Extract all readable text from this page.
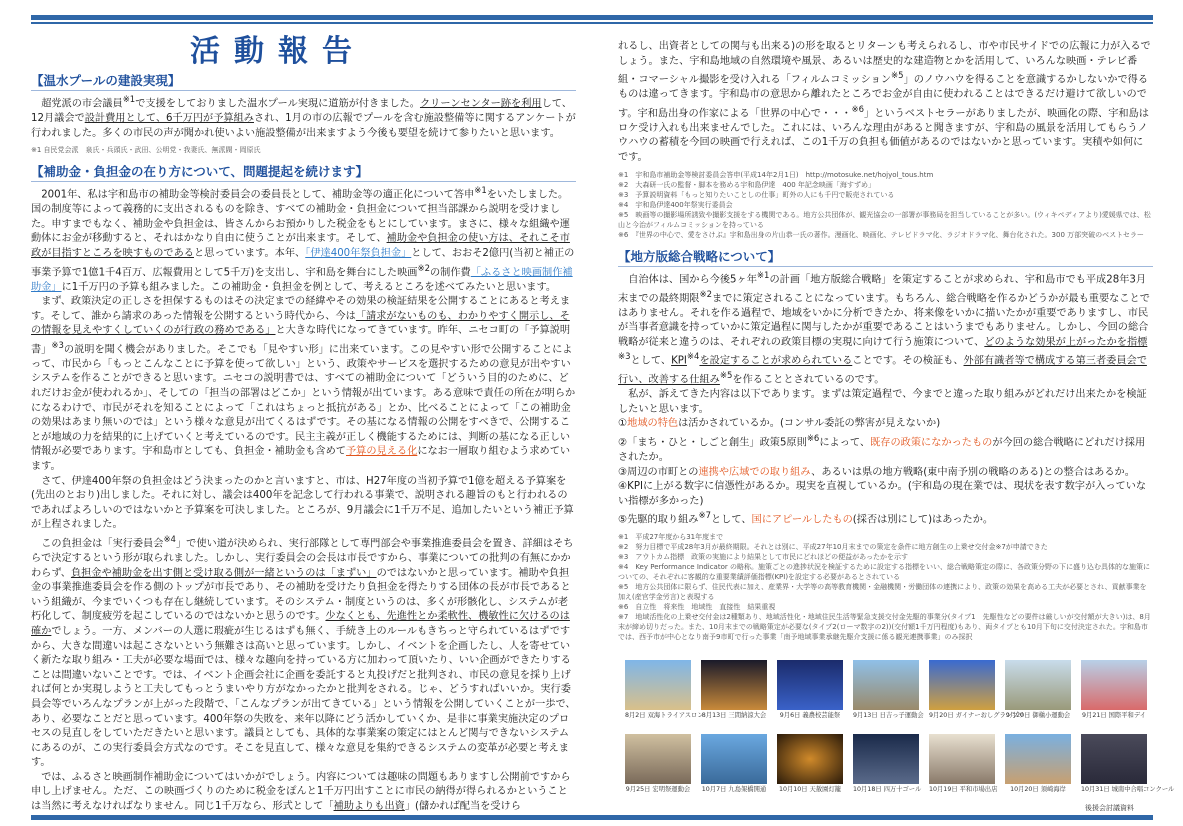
活動報告
【温水プールの建設実現】

超党派の市会議員$^{※1}$で支援をしておりました温水プール実現に道筋が付きました。クリーンセンター跡を利用して、12月議会で設計費用として、6千万円が予算組みされ、1月の市の広報でプールを含む施設整備等に関するアンケートが行われました。多くの市民の声が聞かれ使いよい施設整備が出来ますよう今後も要望を続けて参りたいと思います。

※1 自民党会派　泉氏・兵頭氏・武田、公明党・我妻氏、無派閥・岡原氏

【補助金・負担金の在り方について、問題提起を続けます】

2001年、私は宇和島市の補助金等検討委員会の委員長として、補助金等の適正化について答申$^{※1}$をいたしました。国の制度等によって義務的に支出されるものを除き、すべての補助金・負担金について担当部課から説明を受けました。申すまでもなく、補助金や負担金は、皆さんからお預かりした税金をもとにしています。まさに、様々な組織や運動体にお金が移動すると、それはかなり自由に使うことが出来ます。そして、補助金や負担金の使い方は、それこそ市政が目指すところを映すものであると思っています。本年、「伊達400年祭負担金」として、おおそ2億円(当初と補正の事業予算で1億1千4百万、広報費用として5千万)を支出し、宇和島を舞台にした映画$^{※2}$の制作費「ふるさと映画制作補助金」に1千万円の予算も組みました。この補助金・負担金を例として、考えるところを述べてみたいと思います。

まず、政策決定の正しさを担保するものはその決定までの経緯やその効果の検証結果を公開することにあると考えます。そして、誰から請求のあった情報を公開するという時代から、今は「請求がないものも、わかりやすく開示し、その情報を見えやすくしていくのが行政の務めである」と大きな時代になってきています。昨年、ニセコ町の「予算説明書」$^{※3}$の説明を聞く機会がありました。そこでも「見やすい形」に出来ています。この見やすい形で公開することによって、市民から「もっとこんなことに予算を使って欲しい」という、政策やサービスを選択するための意見が出やすいシステムを作ることができると思います。ニセコの説明書では、すべての補助金について「どういう目的のために、どれだけお金が使われるか」、そしての「担当の部署はどこか」という情報が出ています。ある意味で責任の所在が明らかになるわけで、市民がそれを知ることによって「これはちょっと抵抗がある」とか、比べることによって「この補助金の効果はあまり無いのでは」という様々な意見が出てくるはずです。その基になる情報の公開をすべきで、公開することが地域の力を結果的に上げていくと考えているのです。民主主義が正しく機能するためには、判断の基になる正しい情報が必要であります。宇和島市としても、負担金・補助金も含めて予算の見える化になお一層取り組むよう求めています。

さて、伊達400年祭の負担金はどう決まったのかと言いますと、市は、H27年度の当初予算で1億を超える予算案を(先出のとおり)出しました。それに対し、議会は400年を記念して行われる事業で、説明される趣旨のもと行われるのであればよろしいのではないかと予算案を可決しました。ところが、9月議会に1千万不足、追加したいという補正予算が上程されました。

この負担金は「実行委員会$^{※4}$」で使い道が決められ、実行部隊として専門部会や事業推進委員会を置き、詳細はそちらで決定するという形が取られました。しかし、実行委員会の会長は市長ですから、事業についての批判の有無にかかわらず、負担金や補助金を出す側と受け取る側が一緒というのは「まずい」のではないかと思っています。補助や負担金の事業推進委員会を作る側のトップが市長であり、その補助を受けたり負担金を得たりする団体の長が市長であるという組織が、今までいくつも存在し継続しています。そのシステム・制度というのは、多くが形骸化し、システムが老朽化して、制度疲労を起こしているのではないかと思うのです。少なくとも、先進性とか柔軟性、機敏性に欠けるのは確かでしょう。一方、メンバーの人選に瑕疵が生じるはずも無く、手続き上のルールもきちっと守られているはずですから、大きな間違いは起こさないという無難さは高いと思っています。しかし、イベントを企画したし、人を寄せていく新たな取り組み・工夫が必要な場面では、様々な趣向を持っている方に加わって頂いたり、いい企画ができたりすることは間違いないことです。では、イベント企画会社に企画を委託すると丸投げだと批判され、市民の意見を採り上げれば何とか実現しようと工夫してもっとうまいやり方がなかったかと批判をされる。じゃ、どうすればいいか。実行委員会等でいろんなプランが上がった段階で、「こんなプランが出てきている」という情報を公開していくことが一歩で、あり、必要なことだと思っています。400年祭の失敗を、来年以降にどう活かしていくか、是非に事業実施決定のプロセスの見直しをしていただきたいと思います。議員としても、具体的な事業案の策定にはとんど関与できないシステムにあるのが、この実行委員会方式なのです。そこを見直して、様々な意見を集約できるシステムの変革が必要と考えます。

では、ふるさと映画制作補助金についてはいかがでしょう。内容については趣味の問題もありますし公開前ですから申し上げません。ただ、この映画づくりのために税金をぽんと1千万円出すことに市民の納得が得られるかということは当然に考えなければなりません。同じ1千万なら、形式として「補助よりも出資」(儲かれば配当を受けら

れるし、出資者としての関与も出来る)の形を取るとリターンも考えられるし、市や市民サイドでの広報に力が入るでしょう。また、宇和島地域の自然環境や風景、あるいは歴史的な建造物とかを活用して、いろんな映画・テレビ番組・コマーシャル撮影を受け入れる「フィルムコミッション$^{※5}$」のノウハウを得ることを意識するかしないかで得るものは違ってきます。宇和島市の意思から離れたところでお金が自由に使われることはできるだけ避けて欲しいのです。宇和島出身の作家による「世界の中心で・・・$^{※6}$」というベストセラーがありましたが、映画化の際、宇和島はロケ受け入れも出来ませんでした。これには、いろんな理由があると聞きますが、宇和島の風景を活用してもらうノウハウの蓄積を今回の映画で行えれば、この1千万の負担も価値があるのではないかと思っています。実積や如何にです。

※1　宇和島市補助金等検討委員会答申(平成14年2月1日)　http://motosuke.net/hojyol_tous.htm

※2　大森研一氏の監督・脚本を務める宇和島伊達　400 年記念映画「海すずめ」

※3　予算説明資料「もっと知りたいことしの仕事」町外の人にも千円で販売されている

※4　宇和島伊達400年祭実行委員会

※5　映画等の撮影場所誘致や撮影支援をする機関である。地方公共団体が、観光協会の一部署が事務局を担当していることが多い。(ウィキペディアより)愛媛県では、松山と今治がフィルムコミッションを持っている

※6　『世界の中心で、愛をさけぶ』宇和島出身の片山恭一氏の著作。漫画化、映画化、テレビドラマ化、ラジオドラマ化、舞台化された。300 万部突破のベストセラー

【地方版総合戦略について】

自治体は、国から今後5ヶ年$^{※1}$の計画「地方版総合戦略」を策定することが求められ、宇和島市でも平成28年3月末までの最終期限$^{※2}$までに策定されることになっています。もちろん、総合戦略を作るかどうかが最も重要なことではありません。それを作る過程で、地域をいかに分析できたか、将来像をいかに描いたかが重要でありますし、市民が当事者意識を持っていかに策定過程に関与したかが重要であることはいうまでもありません。しかし、今回の総合戦略が従来と違うのは、それぞれの政策目標の実現に向けて行う施策について、どのような効果が上がったかを指標$^{※3}$として、KPI$^{※4}$を設定することが求められていることです。その検証も、外部有識者等で構成する第三者委員会で行い、改善する仕組み$^{※5}$を作ることとされているのです。

私が、訴えてきた内容は以下であります。まずは策定過程で、今までと違った取り組みがどれだけ出来たかを検証したいと思います。

①地域の特色は活かされているか。(コンサル委託の弊害が見えないか)

②「まち・ひと・しごと創生」政策5原則$^{※6}$によって、既存の政策になかったものが今回の総合戦略にどれだけ採用されたか。

③周辺の市町との連携や広域での取り組み、あるいは県の地方戦略(東中南予別の戦略のある)との整合はあるか。

④KPIに上がる数字に信憑性があるか。現実を直視しているか。(宇和島の現在業では、現状を表す数字が入っていない指標が多かった)

⑤先駆的取り組み$^{※7}$として、国にアピールしたもの(採否は別にして)はあったか。

※1　平成27年度から31年度まで

※2　努力目標で平成28年3月が最終期限。それとは別に、平成27年10月末までの策定を条件に地方創生の上乗せ交付金※7が申請できた

※3　アウトカム指標　政策の実施により結果として市民にどれほどの便益があったかを示す

※4　Key Performance Indicator の略称。施策ごとの進捗状況を検証するために設定する指標をいい、総合戦略策定の際に、各政策分野の下に盛り込む具体的な施策についての、それぞれに客観的な重要業績評価指標(KPI)を設定する必要があるとされている

※5　地方公共団体に限らず、住民代表に加え、産業界・大学等の高等教育機関・金融機関・労働団体の連携により、政策の効果を高める工夫が必要とされ、貢献事業を加え(産官学金労言)と表現する

※6　自立性　将来性　地域性　直接性　結果重視

※7　地域活性化の上乗せ交付金は2種類あり、地域活性化・地域住民生活等緊急支援交付金先駆的事業分(タイプ1　先駆性などの要件は厳しいが交付額が大きい)は、8月末が締め切りだった。また、10月末までの戦略策定が必要な(タイプ2(ローマ数字の2))(交付額1千万円程度)もあり、両タイプとも10月下旬に交付決定された。宇和島市では、西予市が中心となり南予9市町で行った事業「南予地域事業承継先駆介支援に係る観光連携事業」のみ採択

8月2日 双海トライアスロン
8月13日 三間納涼大会	9月6日 義農校芸能祭	9月13日 日吉っ子運動会 9月20日 ガイナーおしグランプリ
9月20日 御槇小運動会 9月21日 国際平和デイ
9月25日 宏明祭運動会 10月7日 九島架橋開通	10月10日 天赦園灯籠	10月18日 四万十ゴール 10月19日 平和市場出店	10月20日 須崎海岸	10月31日 城南中合唱コンクール
後援会討議資料
